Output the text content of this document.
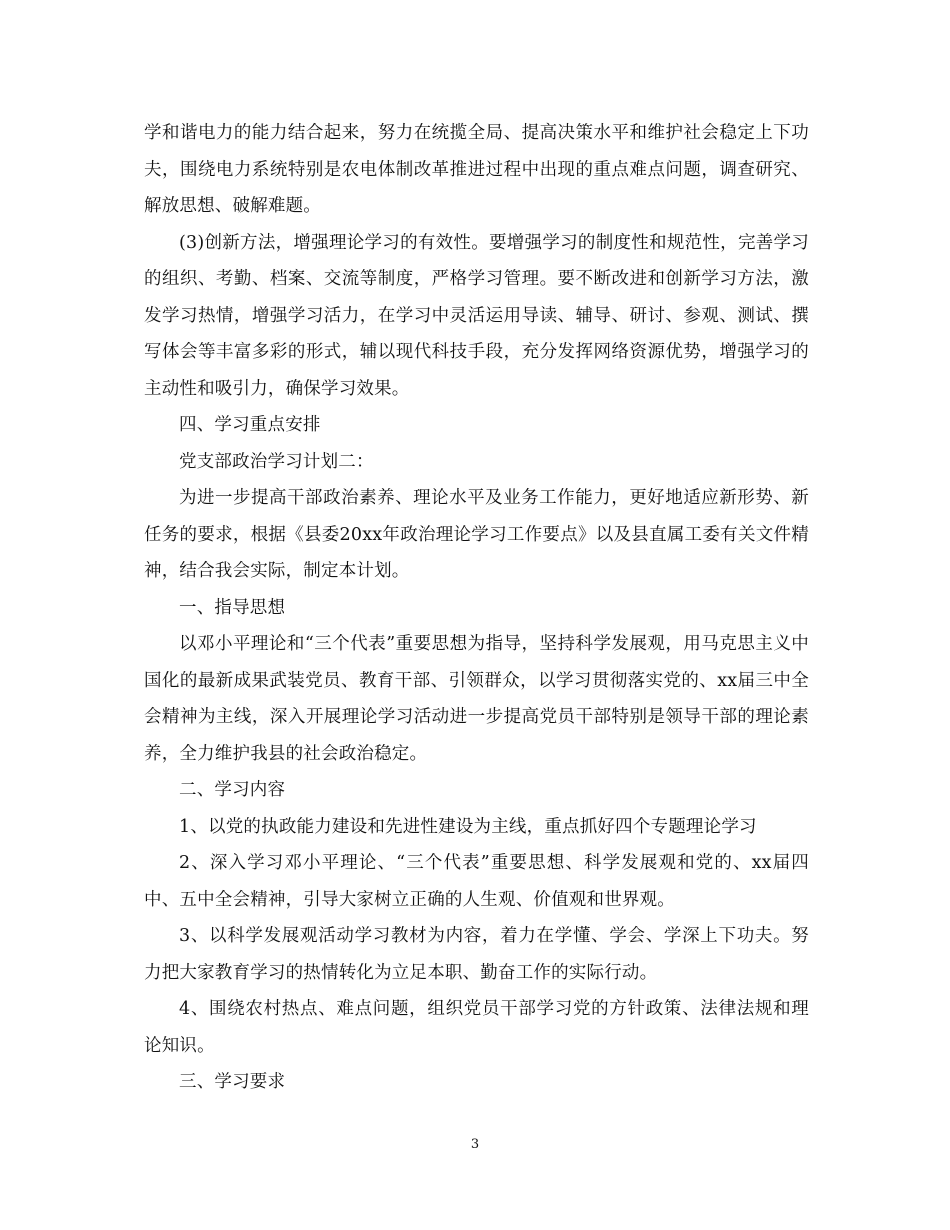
学和谐电力的能力结合起来，努力在统揽全局、提高决策水平和维护社会稳定上下功夫，围绕电力系统特别是农电体制改革推进过程中出现的重点难点问题，调查研究、解放思想、破解难题。

(3)创新方法，增强理论学习的有效性。要增强学习的制度性和规范性，完善学习的组织、考勤、档案、交流等制度，严格学习管理。要不断改进和创新学习方法，激发学习热情，增强学习活力，在学习中灵活运用导读、辅导、研讨、参观、测试、撰写体会等丰富多彩的形式，辅以现代科技手段，充分发挥网络资源优势，增强学习的主动性和吸引力，确保学习效果。

四、学习重点安排

党支部政治学习计划二：

为进一步提高干部政治素养、理论水平及业务工作能力，更好地适应新形势、新任务的要求，根据《县委20xx年政治理论学习工作要点》以及县直属工委有关文件精神，结合我会实际，制定本计划。

一、指导思想

以邓小平理论和“三个代表”重要思想为指导，坚持科学发展观，用马克思主义中国化的最新成果武装党员、教育干部、引领群众，以学习贯彻落实党的、xx届三中全会精神为主线，深入开展理论学习活动进一步提高党员干部特别是领导干部的理论素养，全力维护我县的社会政治稳定。

二、学习内容

1、以党的执政能力建设和先进性建设为主线，重点抓好四个专题理论学习

2、深入学习邓小平理论、“三个代表”重要思想、科学发展观和党的、xx届四中、五中全会精神，引导大家树立正确的人生观、价值观和世界观。

3、以科学发展观活动学习教材为内容，着力在学懂、学会、学深上下功夫。努力把大家教育学习的热情转化为立足本职、勤奋工作的实际行动。

4、围绕农村热点、难点问题，组织党员干部学习党的方针政策、法律法规和理论知识。

三、学习要求

3
